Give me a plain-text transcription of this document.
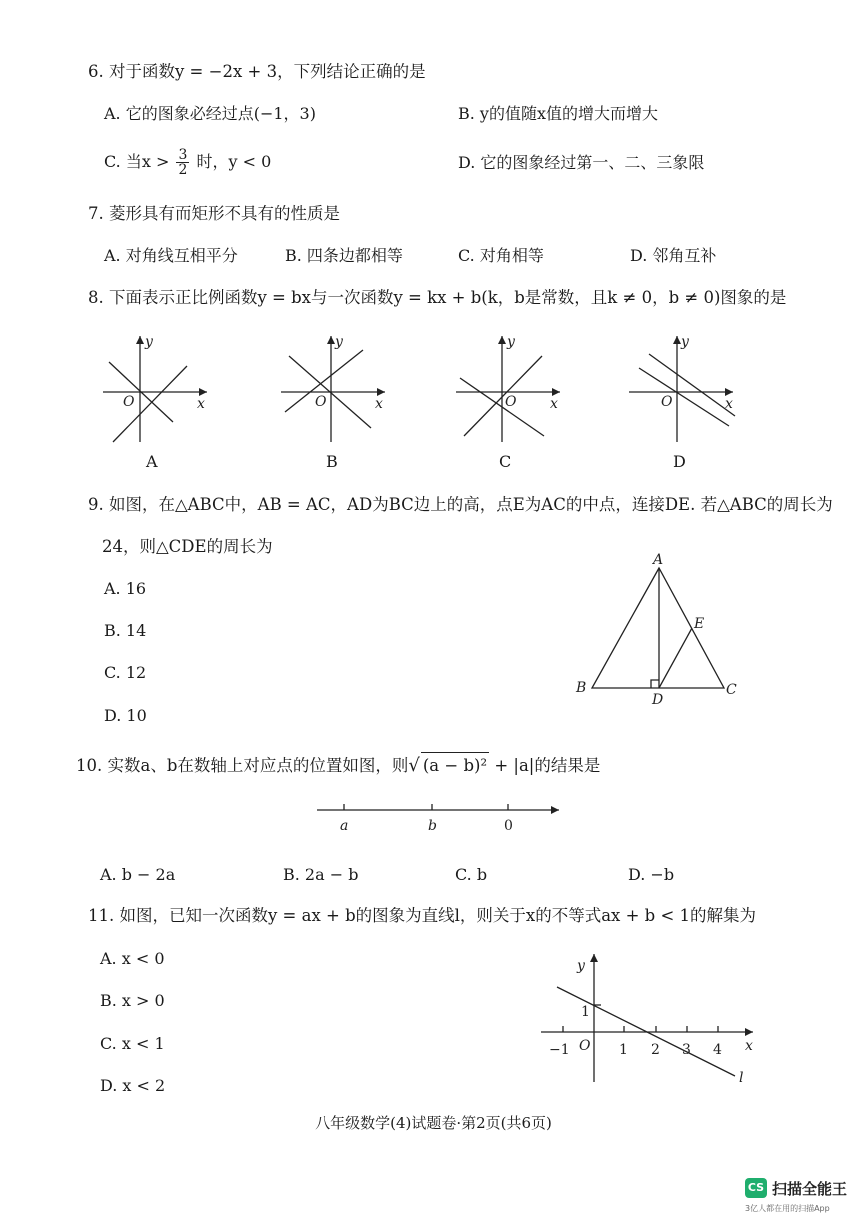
6. 对于函数y = −2x + 3，下列结论正确的是
A. 它的图象必经过点(−1，3)	B. y的值随x值的增大而增大
C. 当$x > \frac{3}{2}$ 时，y < 0	D. 它的图象经过第一、二、三象限
7. 菱形具有而矩形不具有的性质是
A. 对角线互相平分	B. 四条边都相等	C. 对角相等	D. 邻角互补
8. 下面表示正比例函数y = bx与一次函数y = kx + b(k，b是常数，且k ≠ 0，b ≠ 0)图象的是
y
x
O
A
y
x
O
B
y
x
O
C
y
x
O
D
9. 如图，在△ABC中，AB = AC，AD为BC边上的高，点E为AC的中点，连接DE. 若△ABC的周长为
24，则△CDE的周长为
A. 16
B. 14
C. 12
D. 10
A
B	C
D
E
10. 实数a、b在数轴上对应点的位置如图，则√ (a − b)² + |a|的结果是
a	b	0
A. b − 2a	B. 2a − b	C. b	D. −b
11. 如图，已知一次函数y = ax + b的图象为直线l，则关于x的不等式ax + b < 1的解集为
A. x < 0
B. x > 0
C. x < 1
D. x < 2
y
x
O
1
−1	1 2 3 4
l
八年级数学(4)试题卷·第2页(共6页)
CS 扫描全能王
3亿人都在用的扫描App
